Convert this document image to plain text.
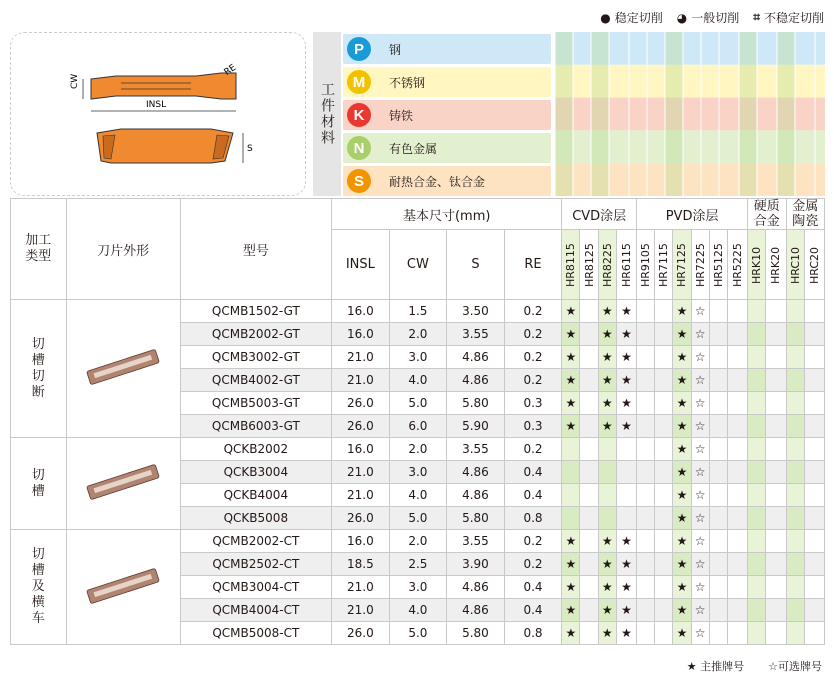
● 稳定切削 ◕ 一般切削 ⌗ 不稳定切削
CW
INSL
RE
S
工件材料
P	钢
M	不锈钢
K	铸铁
N	有色金属
S	耐热合金、钛合金
加工类型	刀片外形	型号	基本尺寸(mm)				CVD涂层				PVD涂层						硬质合金		金属陶瓷	

			INSL	CW	S	RE	HR8115	HR8125	HR8225	HR6115	HR9105	HR7115	HR7125	HR7225	HR5125	HR5225	HRK10	HRK20	HRC10	HRC20

切槽切断		QCMB1502-GT	16.0	1.5	3.50	0.2	★		★	★			★	☆						
		QCMB2002-GT	16.0	2.0	3.55	0.2	★		★	★			★	☆						
		QCMB3002-GT	21.0	3.0	4.86	0.2	★		★	★			★	☆						
		QCMB4002-GT	21.0	4.0	4.86	0.2	★		★	★			★	☆						
		QCMB5003-GT	26.0	5.0	5.80	0.3	★		★	★			★	☆						
		QCMB6003-GT	26.0	6.0	5.90	0.3	★		★	★			★	☆						

切槽		QCKB2002	16.0	2.0	3.55	0.2							★	☆						
		QCKB3004	21.0	3.0	4.86	0.4							★	☆						
		QCKB4004	21.0	4.0	4.86	0.4							★	☆						
		QCKB5008	26.0	5.0	5.80	0.8							★	☆						

切槽及横车		QCMB2002-CT	16.0	2.0	3.55	0.2	★		★	★			★	☆						
		QCMB2502-CT	18.5	2.5	3.90	0.2	★		★	★			★	☆						
		QCMB3004-CT	21.0	3.0	4.86	0.4	★		★	★			★	☆						
		QCMB4004-CT	21.0	4.0	4.86	0.4	★		★	★			★	☆						
		QCMB5008-CT	26.0	5.0	5.80	0.8	★		★	★			★	☆						
★ 主推牌号 ☆可选牌号
